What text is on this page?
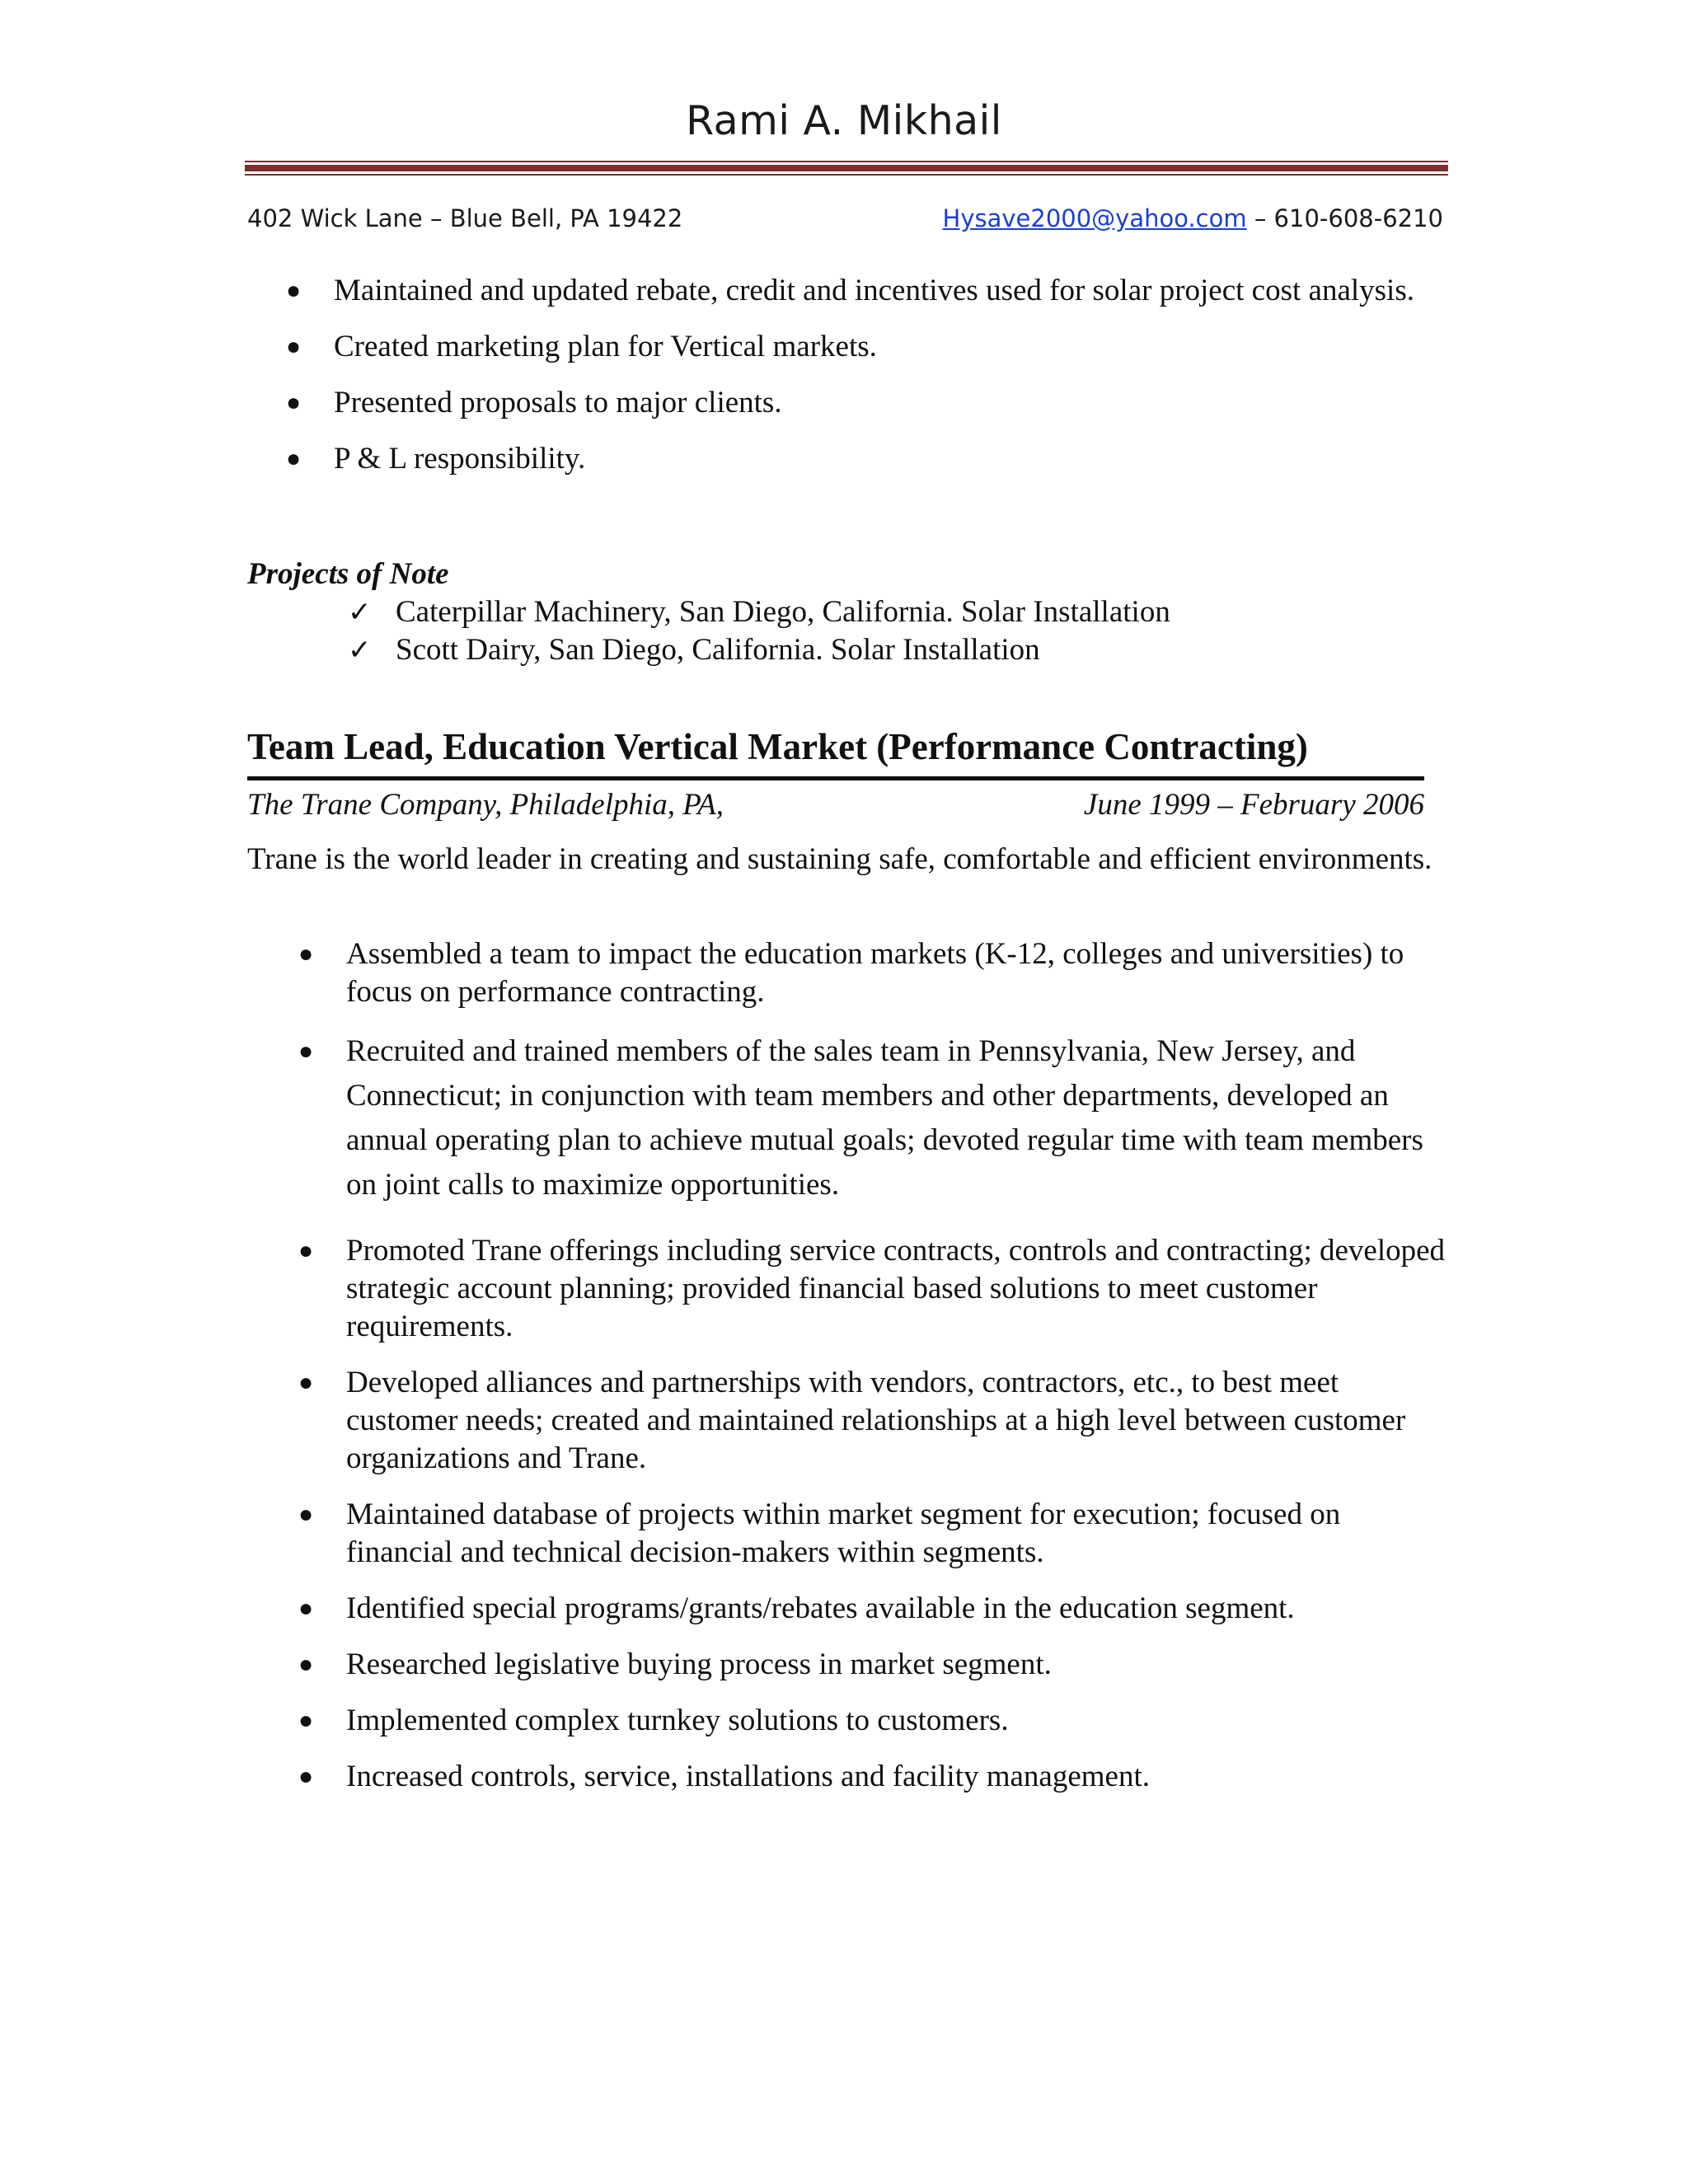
Rami A. Mikhail
402 Wick Lane – Blue Bell, PA 19422	Hysave2000@yahoo.com – 610-608-6210
● Maintained and updated rebate, credit and incentives used for solar project cost analysis.
● Created marketing plan for Vertical markets.
● Presented proposals to major clients.
● P & L responsibility.
Projects of Note
✓ Caterpillar Machinery, San Diego, California. Solar Installation
✓ Scott Dairy, San Diego, California. Solar Installation
Team Lead, Education Vertical Market (Performance Contracting)
The Trane Company, Philadelphia, PA,	June 1999 – February 2006
Trane is the world leader in creating and sustaining safe, comfortable and efficient environments.
● Assembled a team to impact the education markets (K-12, colleges and universities) to focus on performance contracting.
● Recruited and trained members of the sales team in Pennsylvania, New Jersey, and Connecticut; in conjunction with team members and other departments, developed an annual operating plan to achieve mutual goals; devoted regular time with team members on joint calls to maximize opportunities.
● Promoted Trane offerings including service contracts, controls and contracting; developed strategic account planning; provided financial based solutions to meet customer requirements.
● Developed alliances and partnerships with vendors, contractors, etc., to best meet customer needs; created and maintained relationships at a high level between customer organizations and Trane.
● Maintained database of projects within market segment for execution; focused on financial and technical decision-makers within segments.
● Identified special programs/grants/rebates available in the education segment.
● Researched legislative buying process in market segment.
● Implemented complex turnkey solutions to customers.
● Increased controls, service, installations and facility management.
